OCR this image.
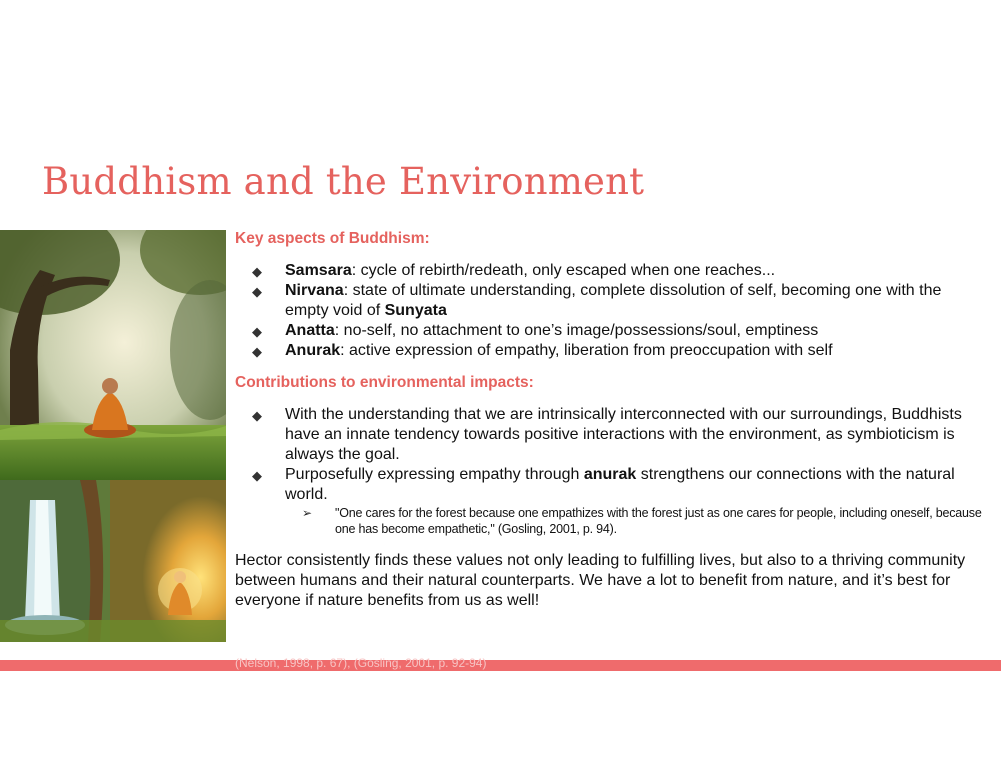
Buddhism and the Environment

Key aspects of Buddhism:

◆ Samsara: cycle of rebirth/redeath, only escaped when one reaches...
◆ Nirvana: state of ultimate understanding, complete dissolution of self, becoming one with the empty void of Sunyata
◆ Anatta: no-self, no attachment to one’s image/possessions/soul, emptiness
◆ Anurak: active expression of empathy, liberation from preoccupation with self

Contributions to environmental impacts:

◆ With the understanding that we are intrinsically interconnected with our surroundings, Buddhists have an innate tendency towards positive interactions with the environment, as symbioticism is always the goal.
◆ Purposefully expressing empathy through anurak strengthens our connections with the natural world.
➢ "One cares for the forest because one empathizes with the forest just as one cares for people, including oneself, because one has become empathetic," (Gosling, 2001, p. 94).

Hector consistently finds these values not only leading to fulfilling lives, but also to a thriving community between humans and their natural counterparts. We have a lot to benefit from nature, and it’s best for everyone if nature benefits from us as well!

(Nelson, 1998, p. 67), (Gosling, 2001, p. 92-94)
